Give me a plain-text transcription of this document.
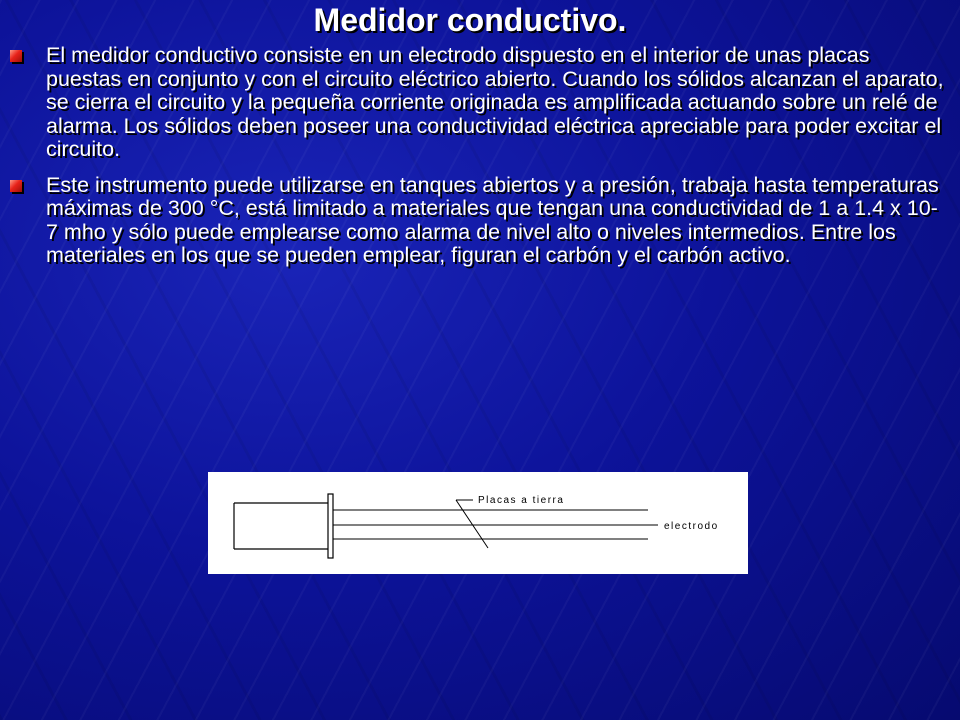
Medidor conductivo.
El medidor conductivo consiste en un electrodo dispuesto en el interior de unas placas puestas en conjunto y con el circuito eléctrico abierto. Cuando los sólidos alcanzan el aparato, se cierra el circuito y la pequeña corriente originada es amplificada actuando sobre un relé de alarma. Los sólidos deben poseer una conductividad eléctrica apreciable para poder excitar el circuito.
Este instrumento puede utilizarse en tanques abiertos y a presión, trabaja hasta temperaturas máximas de 300 °C, está limitado a materiales que tengan una conductividad de 1 a 1.4 x 10-7 mho y sólo puede emplearse como alarma de nivel alto o niveles intermedios. Entre los materiales en los que se pueden emplear, figuran el carbón y el carbón activo.
Placas a tierra
electrodo
